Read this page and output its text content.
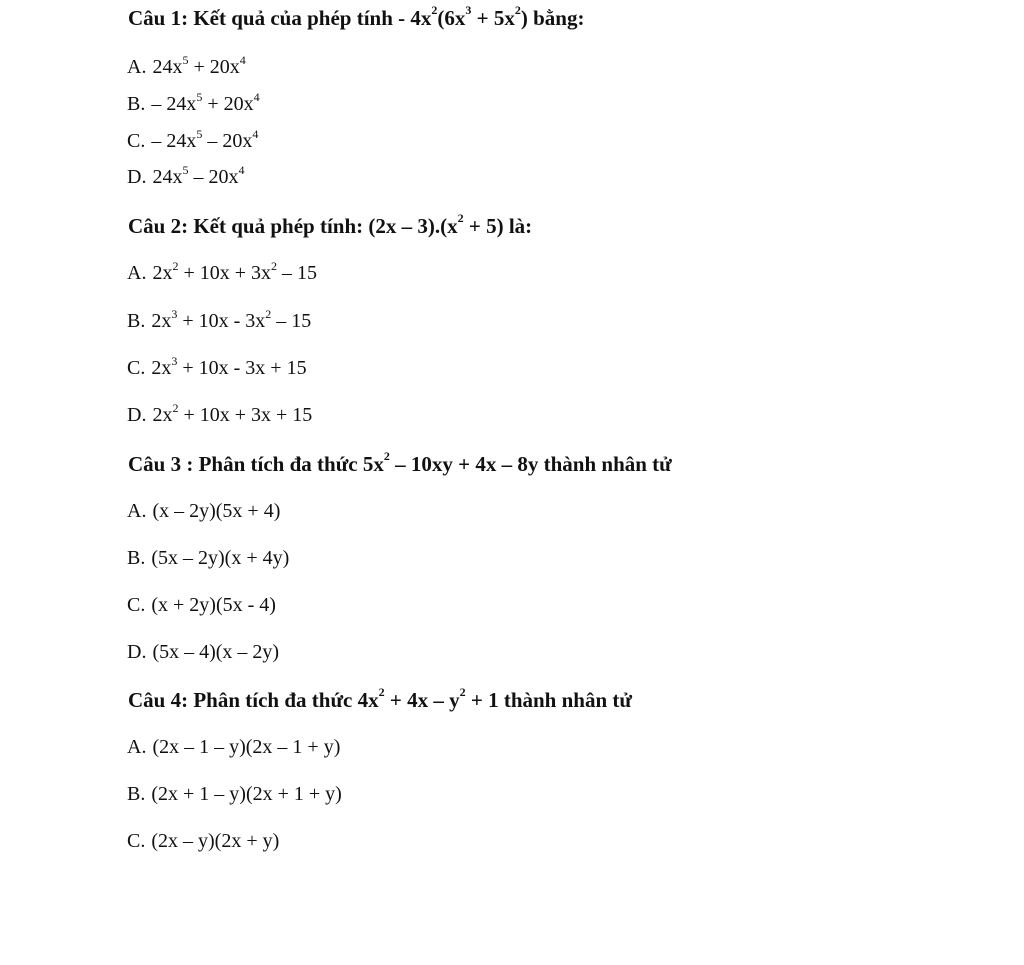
Câu 1: Kết quả của phép tính - $4x^2(6x^3 + 5x^2)$ bằng:
A. $24x^5 + 20x^4$
B. – $24x^5 + 20x^4$
C. – $24x^5 - 20x^4$
D. $24x^5 - 20x^4$
Câu 2: Kết quả phép tính: $(2x - 3).(x^2 + 5)$ là:
A. $2x^2 + 10x + 3x^2 - 15$
B. $2x^3 + 10x - 3x^2 - 15$
C. $2x^3 + 10x - 3x + 15$
D. $2x^2 + 10x + 3x + 15$
Câu 3 : Phân tích đa thức $5x^2 - 10xy + 4x - 8y$ thành nhân tử
A. (x – 2y)(5x + 4)
B. (5x – 2y)(x + 4y)
C. (x + 2y)(5x - 4)
D. (5x – 4)(x – 2y)
Câu 4: Phân tích đa thức $4x^2 + 4x - y^2 + 1$ thành nhân tử
A. (2x – 1 – y)(2x – 1 + y)
B. (2x + 1 – y)(2x + 1 + y)
C. (2x – y)(2x + y)
